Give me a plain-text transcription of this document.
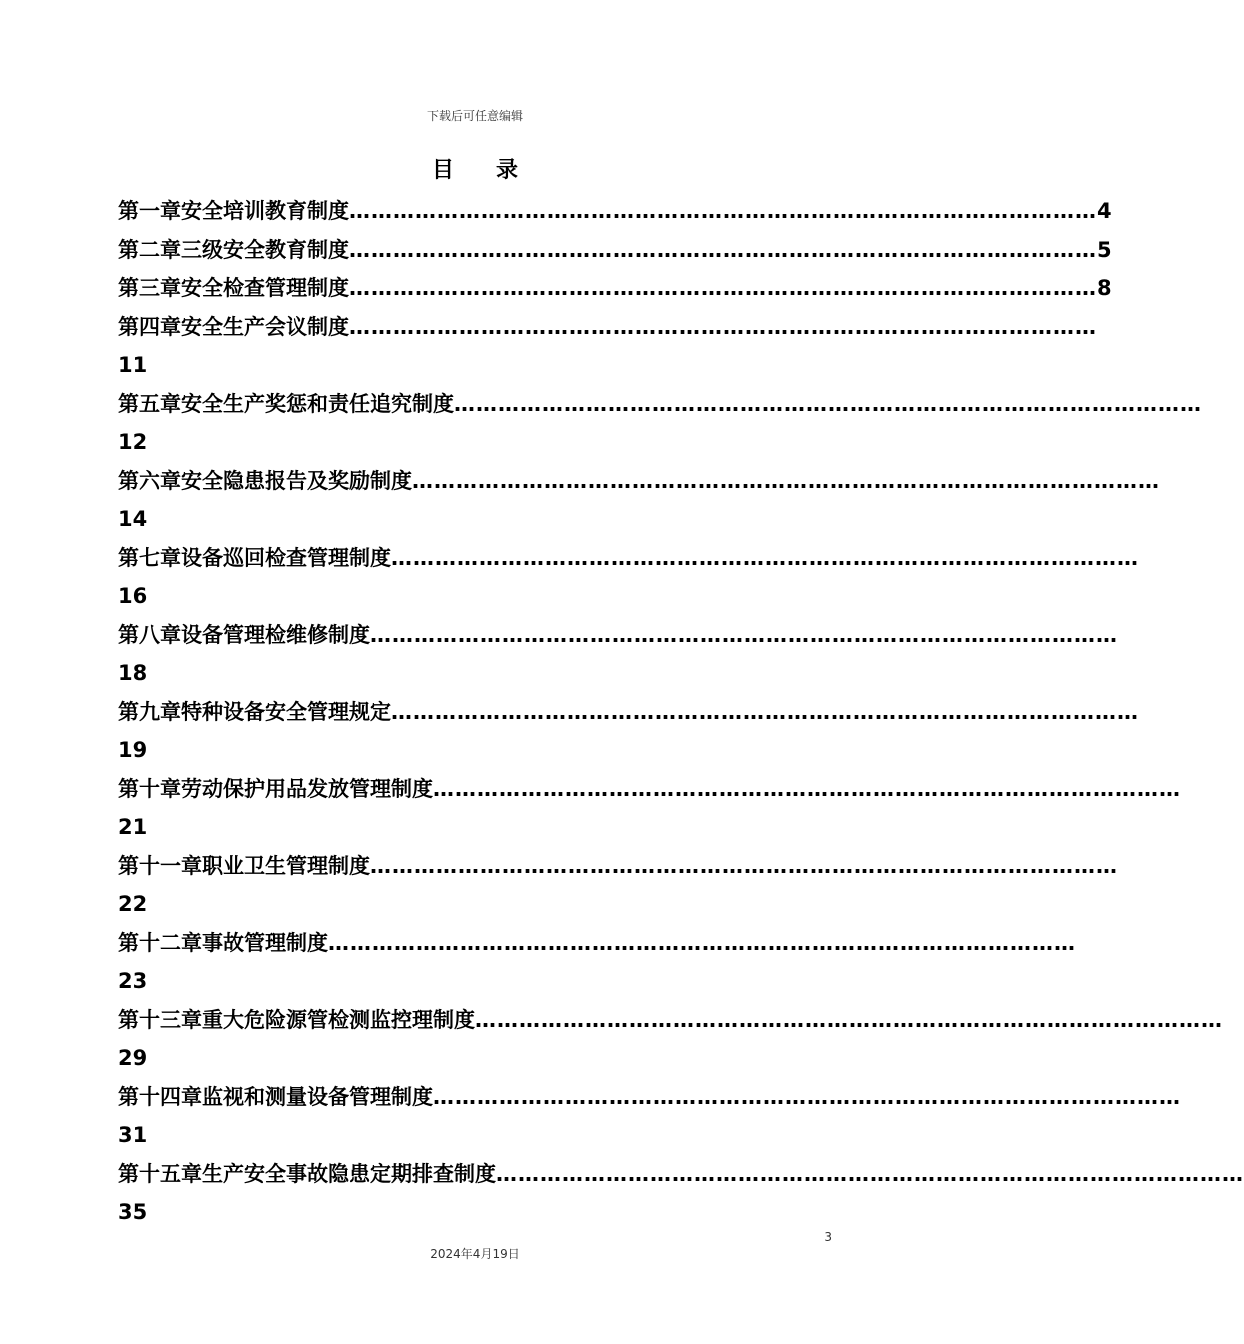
下载后可任意编辑
目录
第一章 安全培训教育制度 ………………………………………………………………………………………… 4
第二章 三级安全教育制度 ………………………………………………………………………………………… 5
第三章 安全检查管理制度 ………………………………………………………………………………………… 8
第四章 安全生产会议制度 …………………………………………………………………………………………
11
第五章 安全生产奖惩和责任追究制度 …………………………………………………………………………………………
12
第六章 安全隐患报告及奖励制度 …………………………………………………………………………………………
14
第七章 设备巡回检查管理制度 …………………………………………………………………………………………
16
第八章 设备管理检维修制度 …………………………………………………………………………………………
18
第九章 特种设备安全管理规定 …………………………………………………………………………………………
19
第十章 劳动保护用品发放管理制度 …………………………………………………………………………………………
21
第十一章 职业卫生管理制度 …………………………………………………………………………………………
22
第十二章 事故管理制度 …………………………………………………………………………………………
23
第十三章 重大危险源管检测监控理制度 …………………………………………………………………………………………
29
第十四章 监视和测量设备管理制度 …………………………………………………………………………………………
31
第十五章 生产安全事故隐患定期排查制度 …………………………………………………………………………………………
35
3
2024年4月19日
